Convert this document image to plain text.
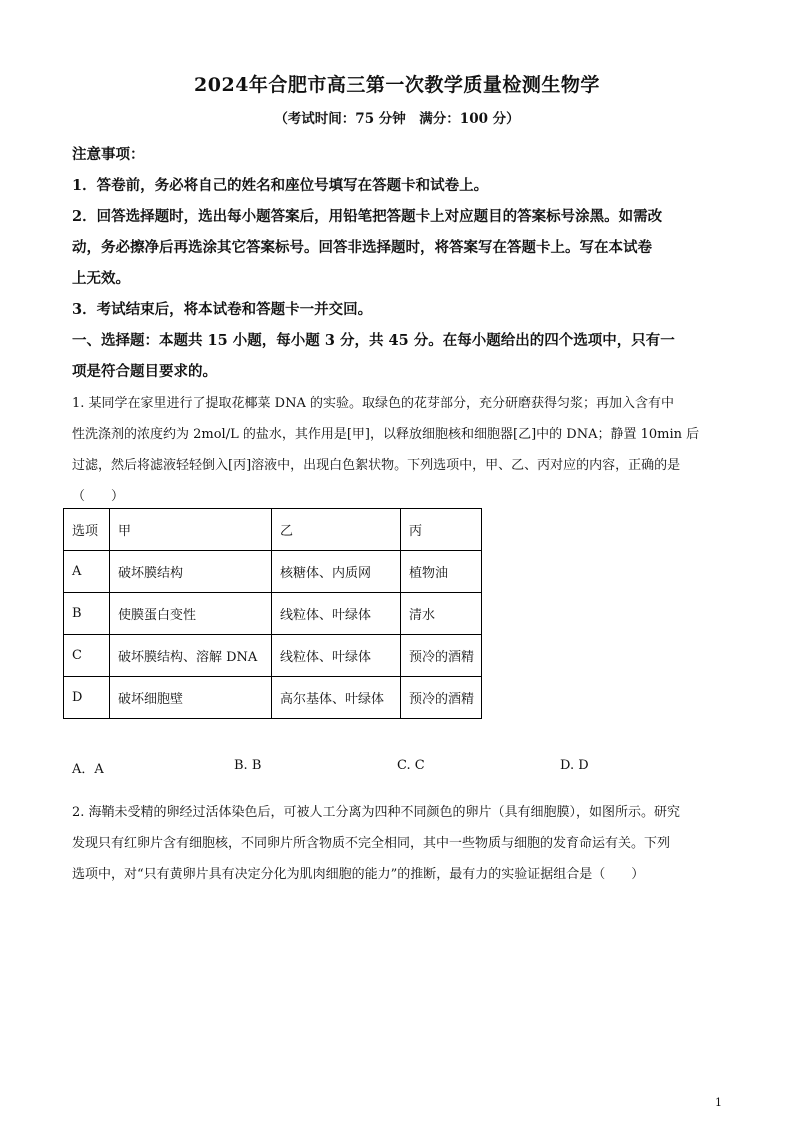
2024年合肥市高三第一次教学质量检测生物学
（考试时间：75 分钟　满分：100 分）
注意事项：
1．答卷前，务必将自己的姓名和座位号填写在答题卡和试卷上。
2．回答选择题时，选出每小题答案后，用铅笔把答题卡上对应题目的答案标号涂黑。如需改
动，务必擦净后再选涂其它答案标号。回答非选择题时，将答案写在答题卡上。写在本试卷
上无效。
3．考试结束后，将本试卷和答题卡一并交回。
一、选择题：本题共 15 小题，每小题 3 分，共 45 分。在每小题给出的四个选项中，只有一
项是符合题目要求的。
1. 某同学在家里进行了提取花椰菜 DNA 的实验。取绿色的花芽部分，充分研磨获得匀浆；再加入含有中
性洗涤剂的浓度约为 2mol/L 的盐水，其作用是[甲]，以释放细胞核和细胞器[乙]中的 DNA；静置 10min 后
过滤，然后将滤液轻轻倒入[丙]溶液中，出现白色絮状物。下列选项中，甲、乙、丙对应的内容，正确的是
（　　）
选项	甲	乙	丙
A	破坏膜结构	核糖体、内质网	植物油
B	使膜蛋白变性	线粒体、叶绿体	清水
C	破坏膜结构、溶解 DNA	线粒体、叶绿体	预冷的酒精
D	破坏细胞壁	高尔基体、叶绿体	预冷的酒精
A．A	B. B	C. C	D. D
2. 海鞘未受精的卵经过活体染色后，可被人工分离为四种不同颜色的卵片（具有细胞膜），如图所示。研究
发现只有红卵片含有细胞核，不同卵片所含物质不完全相同，其中一些物质与细胞的发育命运有关。下列
选项中，对“只有黄卵片具有决定分化为肌肉细胞的能力”的推断，最有力的实验证据组合是（　　）
1
